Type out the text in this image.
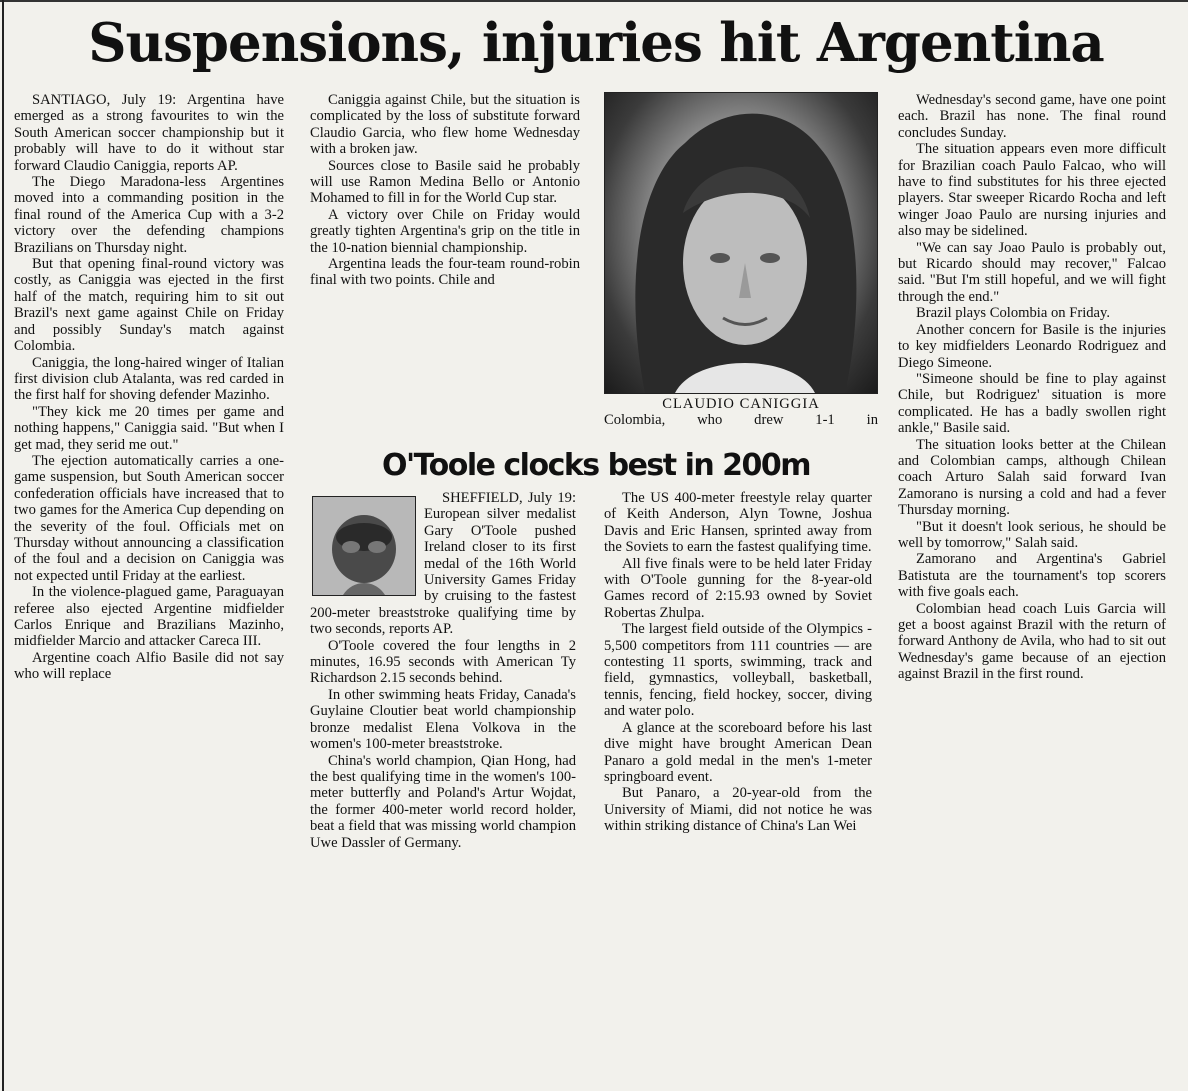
Suspensions, injuries hit Argentina

SANTIAGO, July 19: Argentina have emerged as a strong favourites to win the South American soccer championship but it probably will have to do it without star forward Claudio Caniggia, reports AP.

The Diego Maradona-less Argentines moved into a commanding position in the final round of the America Cup with a 3-2 victory over the defending champions Brazilians on Thursday night.

But that opening final-round victory was costly, as Caniggia was ejected in the first half of the match, requiring him to sit out Brazil's next game against Chile on Friday and possibly Sunday's match against Colombia.

Caniggia, the long-haired winger of Italian first division club Atalanta, was red carded in the first half for shoving defender Mazinho.

"They kick me 20 times per game and nothing happens," Caniggia said. "But when I get mad, they serid me out."

The ejection automatically carries a one-game suspension, but South American soccer confederation officials have increased that to two games for the America Cup depending on the severity of the foul. Officials met on Thursday without announcing a classification of the foul and a decision on Caniggia was not expected until Friday at the earliest.

In the violence-plagued game, Paraguayan referee also ejected Argentine midfielder Carlos Enrique and Brazilians Mazinho, midfielder Marcio and attacker Careca III.

Argentine coach Alfio Basile did not say who will replace

Caniggia against Chile, but the situation is complicated by the loss of substitute forward Claudio Garcia, who flew home Wednesday with a broken jaw.

Sources close to Basile said he probably will use Ramon Medina Bello or Antonio Mohamed to fill in for the World Cup star.

A victory over Chile on Friday would greatly tighten Argentina's grip on the title in the 10-nation biennial championship.

Argentina leads the four-team round-robin final with two points. Chile and

CLAUDIO CANIGGIA
Colombia, who drew 1-1 in

Wednesday's second game, have one point each. Brazil has none. The final round concludes Sunday.

The situation appears even more difficult for Brazilian coach Paulo Falcao, who will have to find substitutes for his three ejected players. Star sweeper Ricardo Rocha and left winger Joao Paulo are nursing injuries and also may be sidelined.

"We can say Joao Paulo is probably out, but Ricardo should may recover," Falcao said. "But I'm still hopeful, and we will fight through the end."

Brazil plays Colombia on Friday.

Another concern for Basile is the injuries to key midfielders Leonardo Rodriguez and Diego Simeone.

"Simeone should be fine to play against Chile, but Rodriguez' situation is more complicated. He has a badly swollen right ankle," Basile said.

The situation looks better at the Chilean and Colombian camps, although Chilean coach Arturo Salah said forward Ivan Zamorano is nursing a cold and had a fever Thursday morning.

"But it doesn't look serious, he should be well by tomorrow," Salah said.

Zamorano and Argentina's Gabriel Batistuta are the tournament's top scorers with five goals each.

Colombian head coach Luis Garcia will get a boost against Brazil with the return of forward Anthony de Avila, who had to sit out Wednesday's game because of an ejection against Brazil in the first round.

O'Toole clocks best in 200m

SHEFFIELD, July 19: European silver medalist Gary O'Toole pushed Ireland closer to its first medal of the 16th World University Games Friday by cruising to the fastest 200-meter breaststroke qualifying time by two seconds, reports AP.

O'Toole covered the four lengths in 2 minutes, 16.95 seconds with American Ty Richardson 2.15 seconds behind.

In other swimming heats Friday, Canada's Guylaine Cloutier beat world championship bronze medalist Elena Volkova in the women's 100-meter breaststroke.

China's world champion, Qian Hong, had the best qualifying time in the women's 100-meter butterfly and Poland's Artur Wojdat, the former 400-meter world record holder, beat a field that was missing world champion Uwe Dassler of Germany.

The US 400-meter freestyle relay quarter of Keith Anderson, Alyn Towne, Joshua Davis and Eric Hansen, sprinted away from the Soviets to earn the fastest qualifying time.

All five finals were to be held later Friday with O'Toole gunning for the 8-year-old Games record of 2:15.93 owned by Soviet Robertas Zhulpa.

The largest field outside of the Olympics - 5,500 competitors from 111 countries — are contesting 11 sports, swimming, track and field, gymnastics, volleyball, basketball, tennis, fencing, field hockey, soccer, diving and water polo.

A glance at the scoreboard before his last dive might have brought American Dean Panaro a gold medal in the men's 1-meter springboard event.

But Panaro, a 20-year-old from the University of Miami, did not notice he was within striking distance of China's Lan Wei
